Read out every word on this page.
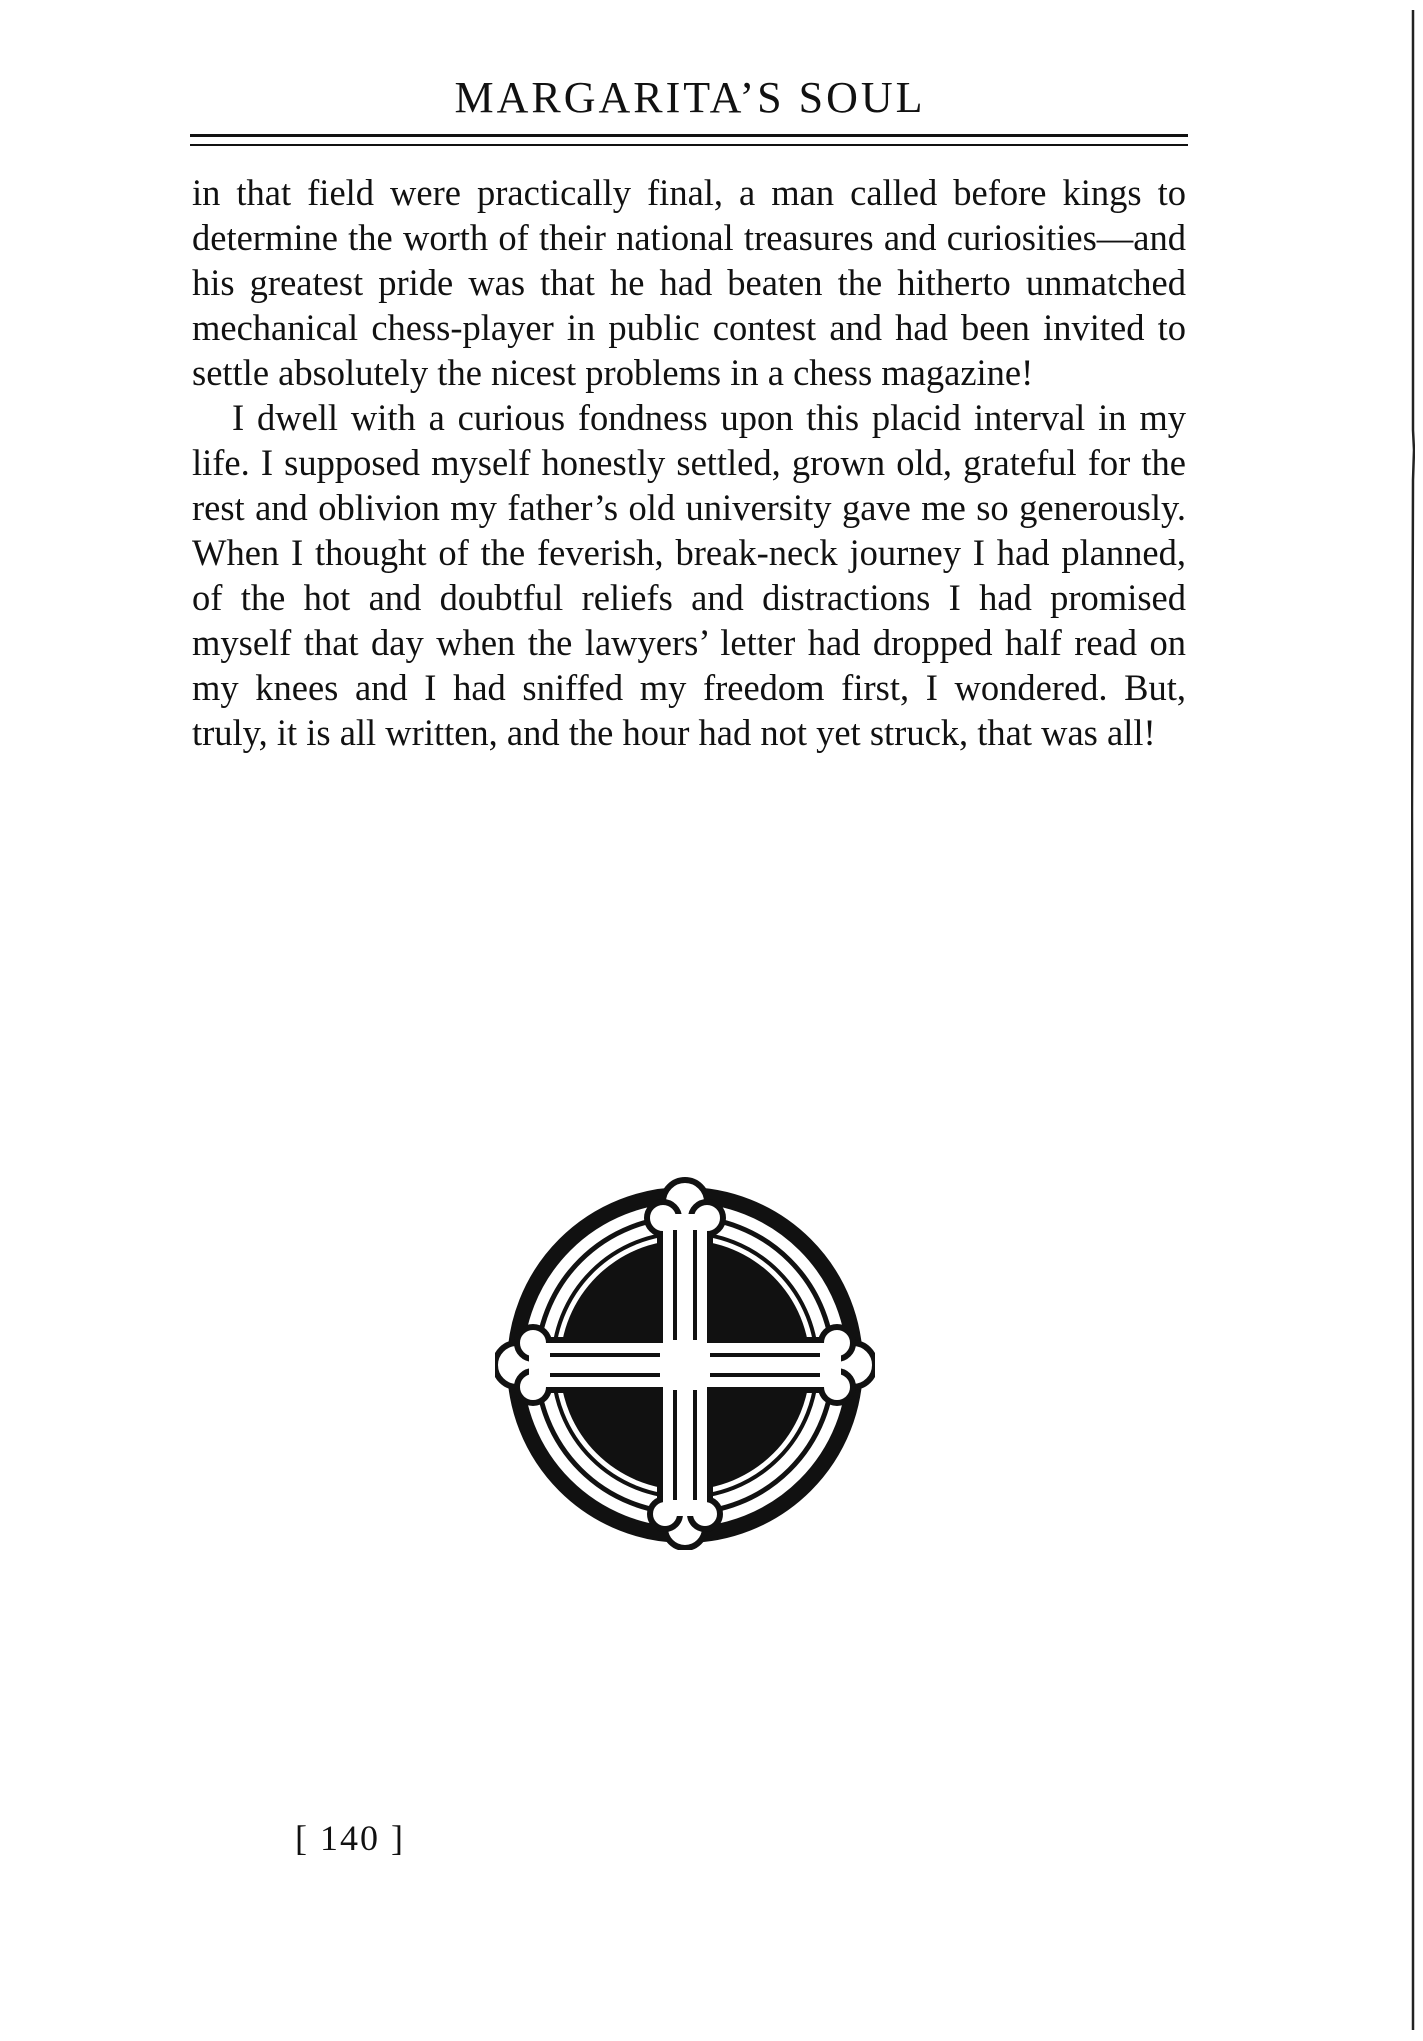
MARGARITA’S SOUL

in that field were practically final, a man called before kings to determine the worth of their national treasures and curiosities—and his greatest pride was that he had beaten the hitherto unmatched mechanical chess-player in public contest and had been invited to settle absolutely the nicest problems in a chess magazine!

I dwell with a curious fondness upon this placid interval in my life. I supposed myself honestly settled, grown old, grateful for the rest and oblivion my father’s old university gave me so generously. When I thought of the feverish, break-neck journey I had planned, of the hot and doubtful reliefs and distractions I had promised myself that day when the lawyers’ letter had dropped half read on my knees and I had sniffed my freedom first, I wondered. But, truly, it is all written, and the hour had not yet struck, that was all!

[ 140 ]
